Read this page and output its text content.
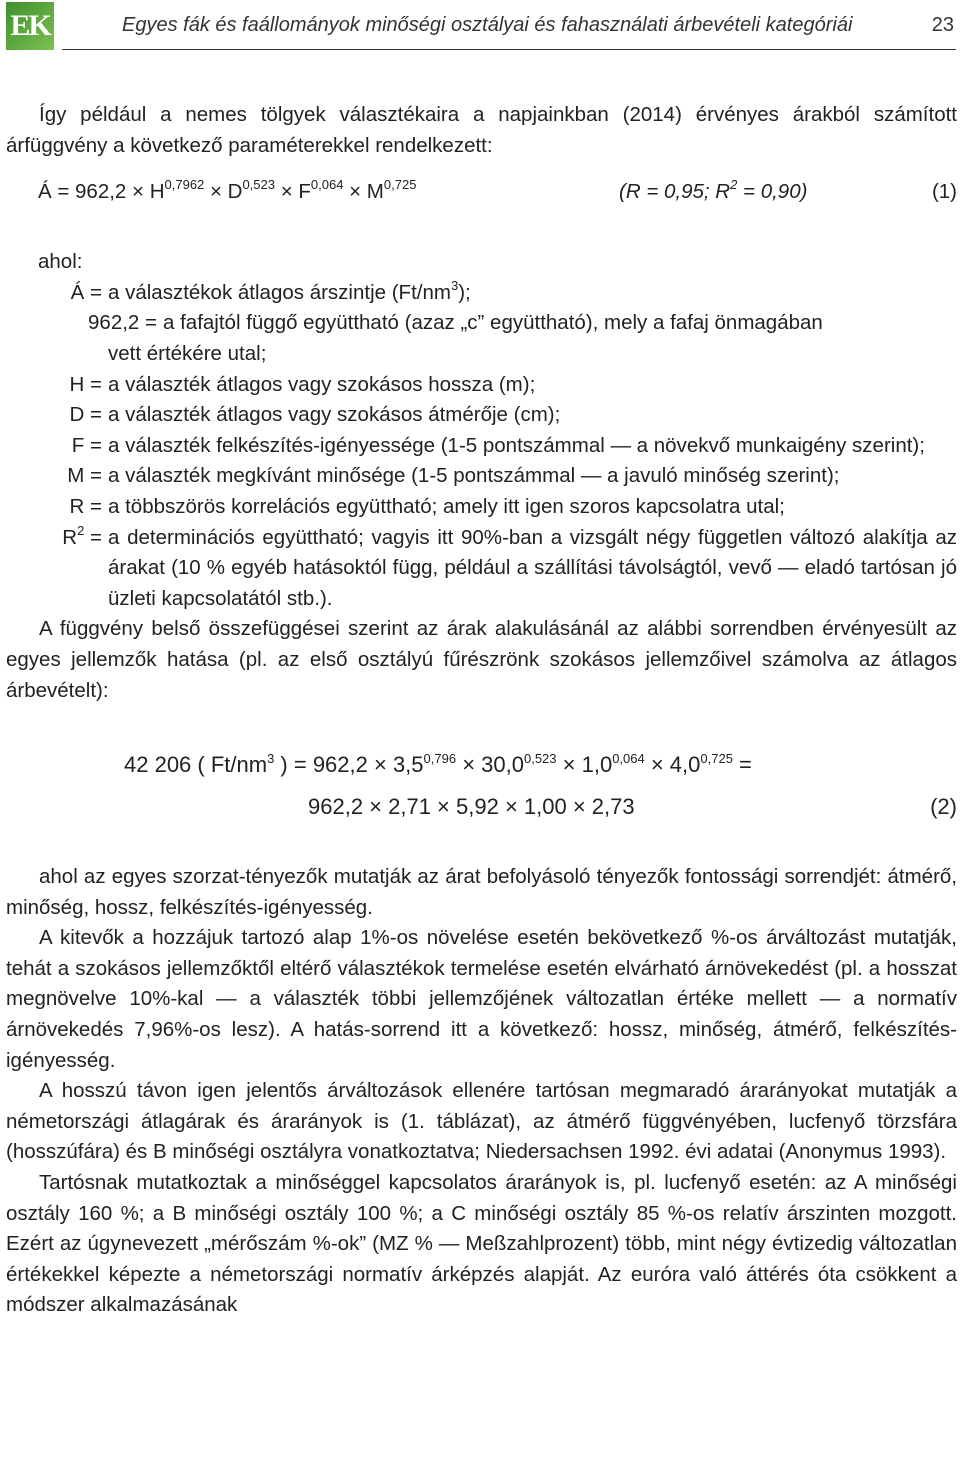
EK	Egyes fák és faállományok minőségi osztályai és fahasználati árbevételi kategóriái	23

Így például a nemes tölgyek választékaira a napjainkban (2014) érvényes árakból számított árfüggvény a következő paraméterekkel rendelkezett:

Á = $962,2 \times H^{0,7962} \times D^{0,523} \times F^{0,064} \times M^{0,725}$	(R = 0,95; $R^2 = 0,90$)	(1)
ahol:
Á = a választékok átlagos árszintje $(Ft/nm^3)$;
962,2 = a fafajtól függő együttható (azaz „c” együttható), mely a fafaj önmagában
vett értékére utal;
H = a választék átlagos vagy szokásos hossza (m);
D = a választék átlagos vagy szokásos átmérője (cm);
F = a választék felkészítés-igényessége (1-5 pontszámmal — a növekvő munkaigény szerint);
M = a választék megkívánt minősége (1-5 pontszámmal — a javuló minőség szerint);
R = a többszörös korrelációs együttható; amely itt igen szoros kapcsolatra utal;
$R^2 = a$ determinációs együttható; vagyis itt 90%-ban a vizsgált négy független változó alakítja az árakat (10 % egyéb hatásoktól függ, például a szállítási távolságtól, vevő — eladó tartósan jó üzleti kapcsolatától stb.).

A függvény belső összefüggései szerint az árak alakulásánál az alábbi sorrendben érvényesült az egyes jellemzők hatása (pl. az első osztályú fűrészrönk szokásos jellemzőivel számolva az átlagos árbevételt):

42 206 ( $Ft/nm^3$ ) = $962,2 \times 3,5^{0,796} \times 30,0^{0,523} \times 1,0^{0,064} \times 4,0^{0,725}$ =
962,2 × 2,71 × 5,92 × 1,00 × 2,73	(2)

ahol az egyes szorzat-tényezők mutatják az árat befolyásoló tényezők fontossági sorrendjét: átmérő, minőség, hossz, felkészítés-igényesség.

A kitevők a hozzájuk tartozó alap 1%-os növelése esetén bekövetkező %-os árváltozást mutatják, tehát a szokásos jellemzőktől eltérő választékok termelése esetén elvárható árnövekedést (pl. a hosszat megnövelve 10%-kal — a választék többi jellemzőjének változatlan értéke mellett — a normatív árnövekedés 7,96%-os lesz). A hatás-sorrend itt a következő: hossz, minőség, átmérő, felkészítés-igényesség.

A hosszú távon igen jelentős árváltozások ellenére tartósan megmaradó árarányokat mutatják a németországi átlagárak és árarányok is (1. táblázat), az átmérő függvényében, lucfenyő törzsfára (hosszúfára) és B minőségi osztályra vonatkoztatva; Niedersachsen 1992. évi adatai (Anonymus 1993).

Tartósnak mutatkoztak a minőséggel kapcsolatos árarányok is, pl. lucfenyő esetén: az A minőségi osztály 160 %; a B minőségi osztály 100 %; a C minőségi osztály 85 %-os relatív árszinten mozgott. Ezért az úgynevezett „mérőszám %-ok” (MZ % — Meßzahlprozent) több, mint négy évtizedig változatlan értékekkel képezte a németországi normatív árképzés alapját. Az euróra való áttérés óta csökkent a módszer alkalmazásának
